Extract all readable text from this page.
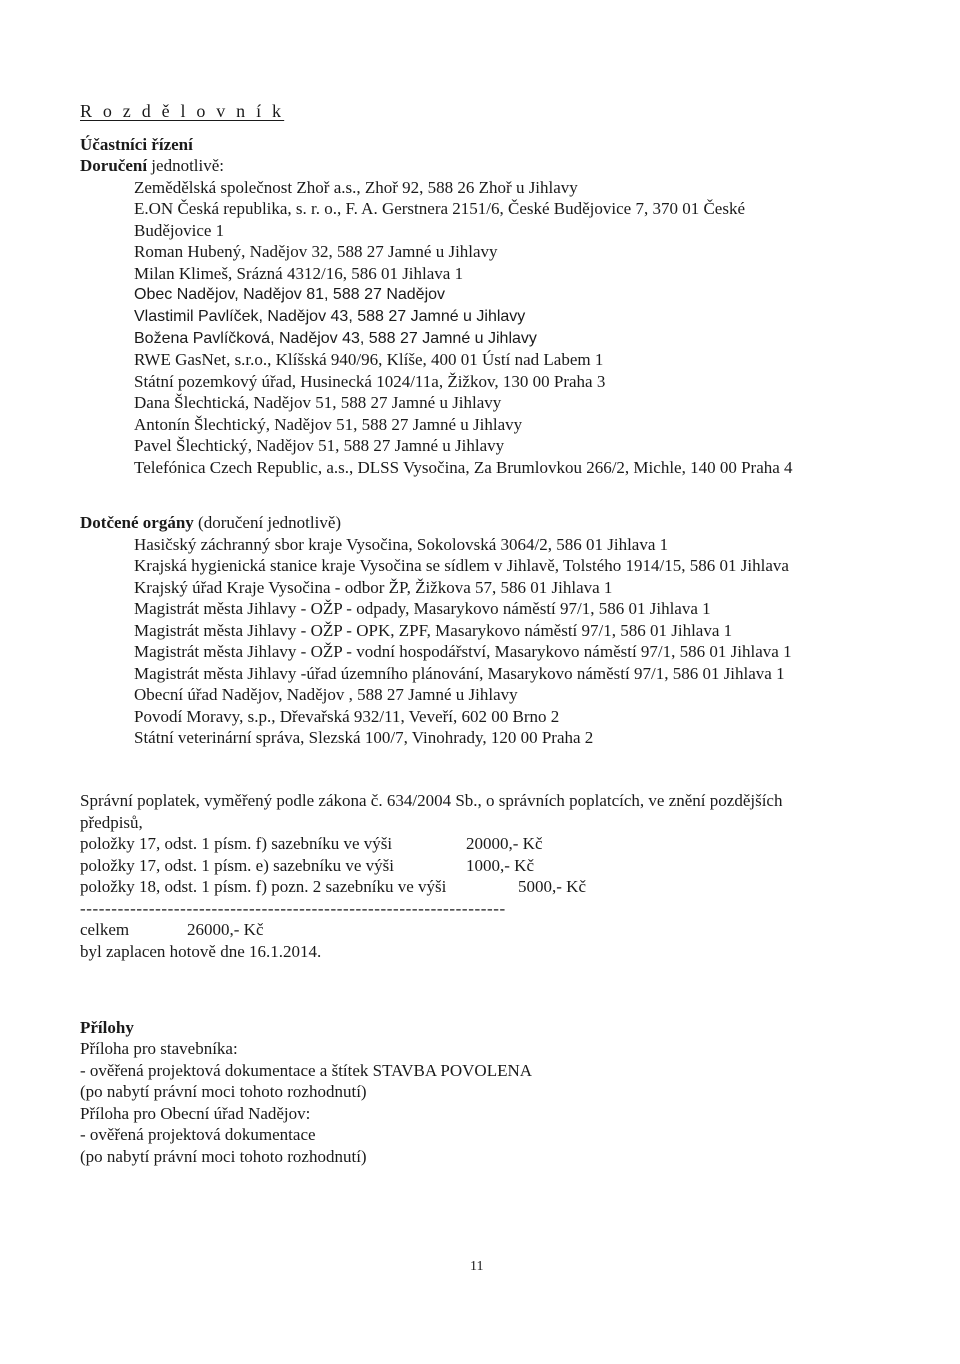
R o z d ě l o v n í k
Účastníci řízení
Doručení jednotlivě:
Zemědělská společnost Zhoř a.s., Zhoř 92, 588 26 Zhoř u Jihlavy
E.ON Česká republika, s. r. o., F. A. Gerstnera 2151/6, České Budějovice 7, 370 01 České
Budějovice 1
Roman Hubený, Nadějov 32, 588 27 Jamné u Jihlavy
Milan Klimeš, Srázná 4312/16, 586 01 Jihlava 1
Obec Nadějov, Nadějov 81, 588 27 Nadějov
Vlastimil Pavlíček, Nadějov 43, 588 27 Jamné u Jihlavy
Božena Pavlíčková, Nadějov 43, 588 27 Jamné u Jihlavy
RWE GasNet, s.r.o., Klíšská 940/96, Klíše, 400 01 Ústí nad Labem 1
Státní pozemkový úřad, Husinecká 1024/11a, Žižkov, 130 00 Praha 3
Dana Šlechtická, Nadějov 51, 588 27 Jamné u Jihlavy
Antonín Šlechtický, Nadějov 51, 588 27 Jamné u Jihlavy
Pavel Šlechtický, Nadějov 51, 588 27 Jamné u Jihlavy
Telefónica Czech Republic, a.s., DLSS Vysočina, Za Brumlovkou 266/2, Michle, 140 00 Praha 4
Dotčené orgány (doručení jednotlivě)
Hasičský záchranný sbor kraje Vysočina, Sokolovská 3064/2, 586 01 Jihlava 1
Krajská hygienická stanice kraje Vysočina se sídlem v Jihlavě, Tolstého 1914/15, 586 01 Jihlava
Krajský úřad Kraje Vysočina - odbor ŽP, Žižkova 57, 586 01 Jihlava 1
Magistrát města Jihlavy - OŽP - odpady, Masarykovo náměstí 97/1, 586 01 Jihlava 1
Magistrát města Jihlavy - OŽP - OPK, ZPF, Masarykovo náměstí 97/1, 586 01 Jihlava 1
Magistrát města Jihlavy - OŽP - vodní hospodářství, Masarykovo náměstí 97/1, 586 01 Jihlava 1
Magistrát města Jihlavy -úřad územního plánování, Masarykovo náměstí 97/1, 586 01 Jihlava 1
Obecní úřad Nadějov, Nadějov , 588 27 Jamné u Jihlavy
Povodí Moravy, s.p., Dřevařská 932/11, Veveří, 602 00 Brno 2
Státní veterinární správa, Slezská 100/7, Vinohrady, 120 00 Praha 2
Správní poplatek, vyměřený podle zákona č. 634/2004 Sb., o správních poplatcích, ve znění pozdějších
předpisů,
položky 17, odst. 1 písm. f) sazebníku ve výši	20000,- Kč
položky 17, odst. 1 písm. e) sazebníku ve výši	1000,- Kč
položky 18, odst. 1 písm. f) pozn. 2 sazebníku ve výši	5000,- Kč
--------------------------------------------------------------------
celkem	26000,- Kč
byl zaplacen hotově dne 16.1.2014.
Přílohy
Příloha pro stavebníka:
- ověřená projektová dokumentace a štítek STAVBA POVOLENA
(po nabytí právní moci tohoto rozhodnutí)
Příloha pro Obecní úřad Nadějov:
- ověřená projektová dokumentace
(po nabytí právní moci tohoto rozhodnutí)
11
